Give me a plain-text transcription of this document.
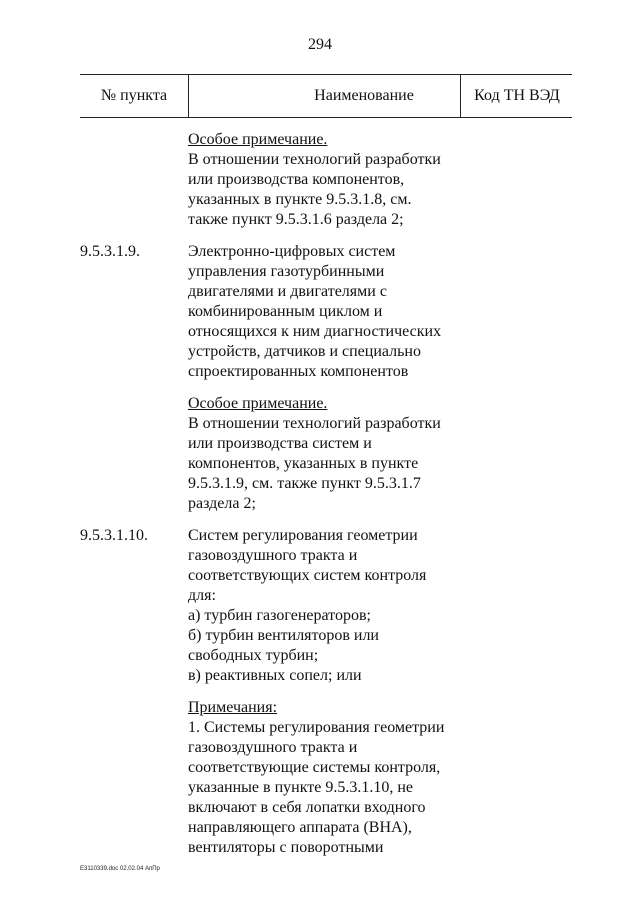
294
№ пункта	Наименование	Код ТН ВЭД
Особое примечание.
В отношении технологий разработки
или производства компонентов,
указанных в пункте 9.5.3.1.8, см.
также пункт 9.5.3.1.6 раздела 2;
9.5.3.1.9.	Электронно-цифровых систем
управления газотурбинными
двигателями и двигателями с
комбинированным циклом и
относящихся к ним диагностических
устройств, датчиков и специально
спроектированных компонентов
Особое примечание.
В отношении технологий разработки
или производства систем и
компонентов, указанных в пункте
9.5.3.1.9, см. также пункт 9.5.3.1.7
раздела 2;
9.5.3.1.10.	Систем регулирования геометрии
газовоздушного тракта и
соответствующих систем контроля
для:
а) турбин газогенераторов;
б) турбин вентиляторов или
свободных турбин;
в) реактивных сопел; или
Примечания:
1. Системы регулирования геометрии
газовоздушного тракта и
соответствующие системы контроля,
указанные в пункте 9.5.3.1.10, не
включают в себя лопатки входного
направляющего аппарата (ВНА),
вентиляторы с поворотными
Е3110339.doc 02.02.04 АпПр
